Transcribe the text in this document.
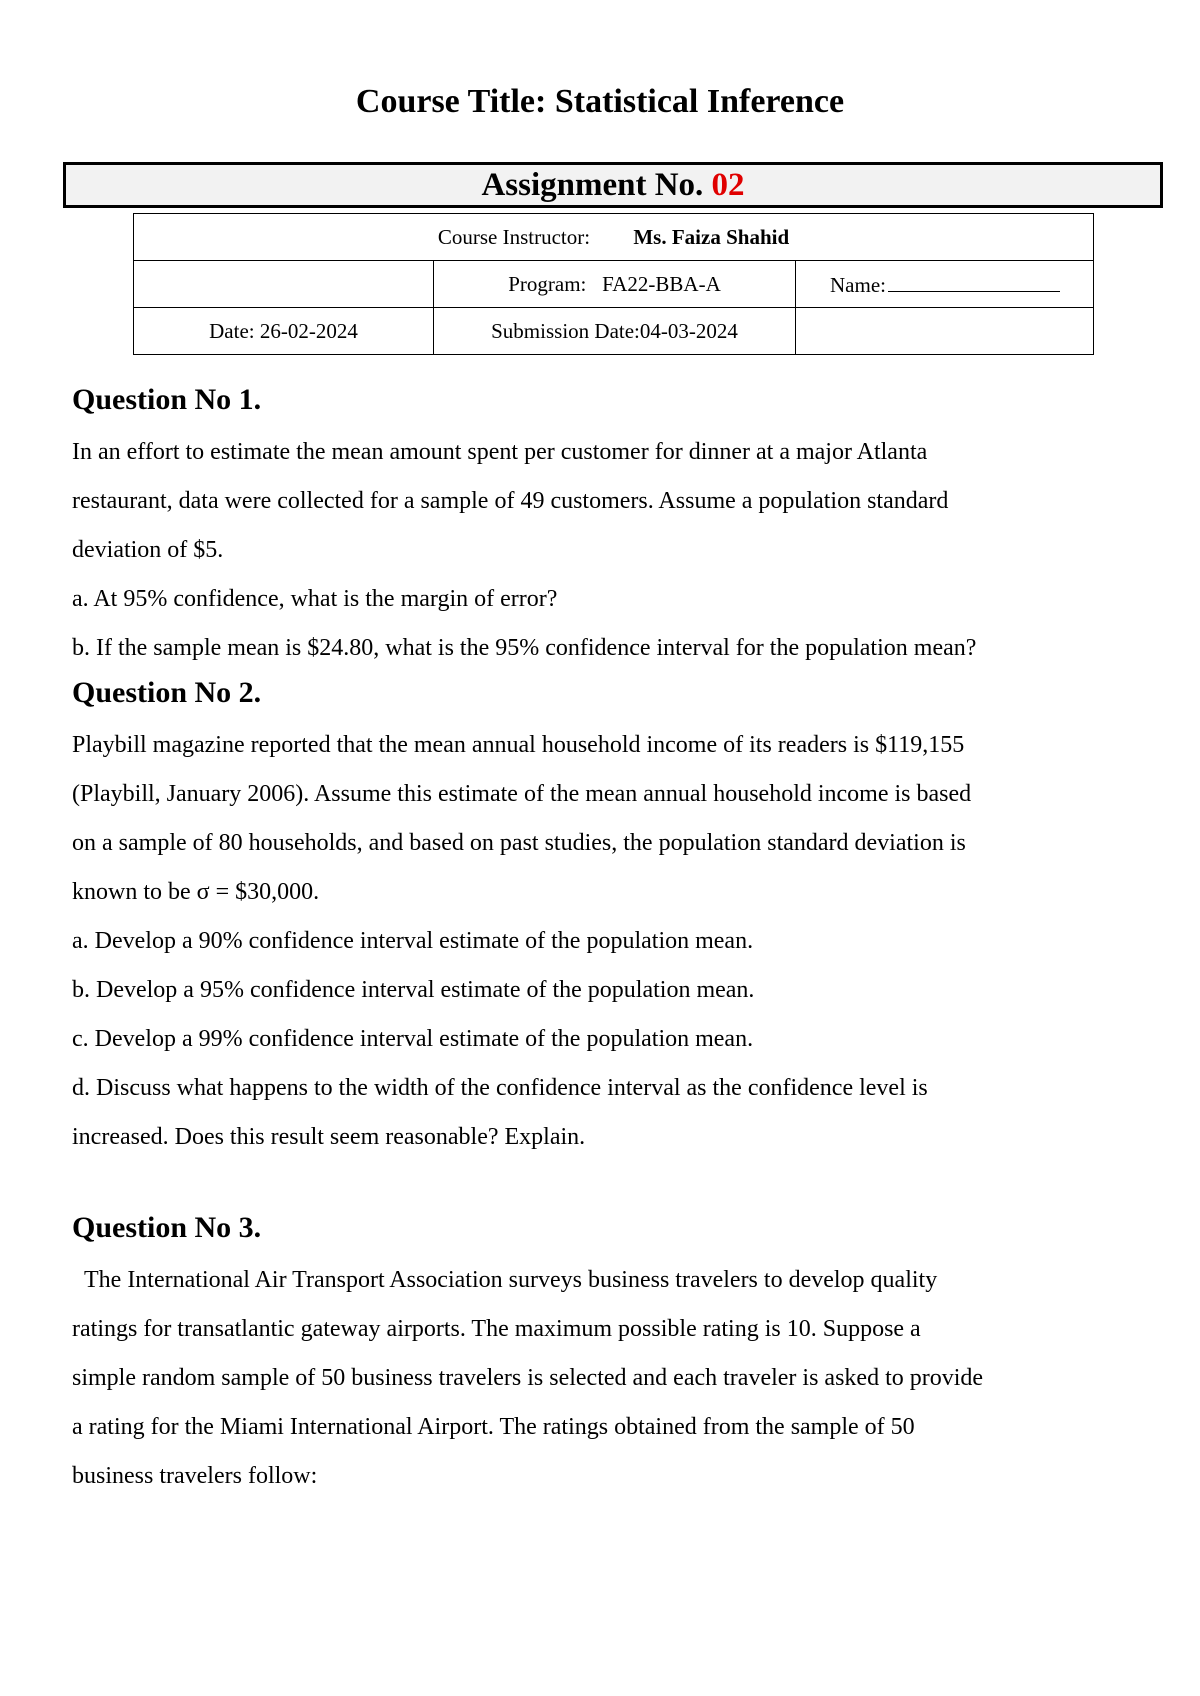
Course Title: Statistical Inference
Assignment No. 02
Course Instructor: Ms. Faiza Shahid		
	Program:   FA22-BBA-A	Name:
Date: 26-02-2024	Submission Date:04-03-2024	
Question No 1.

In an effort to estimate the mean amount spent per customer for dinner at a major Atlanta

restaurant, data were collected for a sample of 49 customers. Assume a population standard

deviation of $5.

a. At 95% confidence, what is the margin of error?

b. If the sample mean is $24.80, what is the 95% confidence interval for the population mean?

Question No 2.

Playbill magazine reported that the mean annual household income of its readers is $119,155

(Playbill, January 2006). Assume this estimate of the mean annual household income is based

on a sample of 80 households, and based on past studies, the population standard deviation is

known to be σ = $30,000.

a. Develop a 90% confidence interval estimate of the population mean.

b. Develop a 95% confidence interval estimate of the population mean.

c. Develop a 99% confidence interval estimate of the population mean.

d. Discuss what happens to the width of the confidence interval as the confidence level is

increased. Does this result seem reasonable? Explain.

Question No 3.

The International Air Transport Association surveys business travelers to develop quality

ratings for transatlantic gateway airports. The maximum possible rating is 10. Suppose a

simple random sample of 50 business travelers is selected and each traveler is asked to provide

a rating for the Miami International Airport. The ratings obtained from the sample of 50

business travelers follow:
